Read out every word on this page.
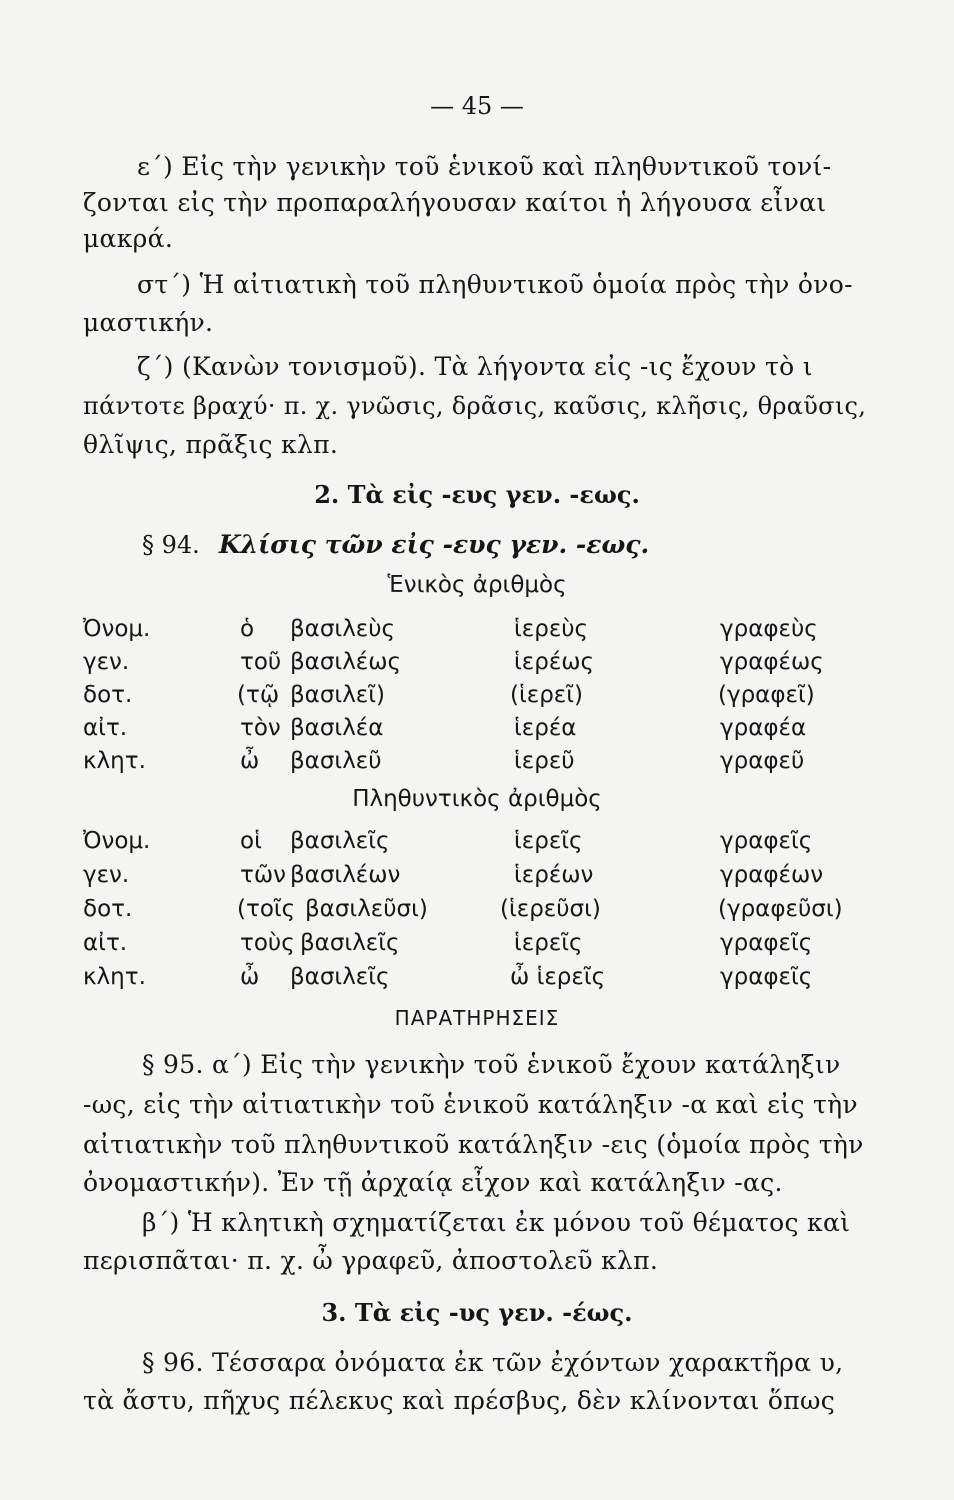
— 45 —
ε΄) Εἰς τὴν γενικὴν τοῦ ἑνικοῦ καὶ πληθυντικοῦ τονί-
ζονται εἰς τὴν προπαραλήγουσαν καίτοι ἡ λήγουσα εἶναι
μακρά.
στ΄) Ἡ αἰτιατικὴ τοῦ πληθυντικοῦ ὁμοία πρὸς τὴν ὀνο-
μαστικήν.
ζ΄) (Κανὼν τονισμοῦ). Τὰ λήγοντα εἰς -ις ἔχουν τὸ ι
πάντοτε βραχύ· π. χ. γνῶσις, δρᾶσις, καῦσις, κλῆσις, θραῦσις,
θλῖψις, πρᾶξις κλπ.
2. Τὰ εἰς -ευς γεν. -εως.
§ 94. Κλίσις τῶν εἰς -ευς γεν. -εως.
Ἑνικὸς ἀριθμὸς
Ὀνομ.	ὁ βασιλεὺς	ἱερεὺς	γραφεὺς
γεν.	τοῦ βασιλέως	ἱερέως	γραφέως
δοτ.	(τῷ βασιλεῖ)	(ἱερεῖ)	(γραφεῖ)
αἰτ.	τὸν βασιλέα	ἱερέα	γραφέα
κλητ.	ὦ βασιλεῦ	ἱερεῦ	γραφεῦ
Πληθυντικὸς ἀριθμὸς
Ὀνομ.	οἱ βασιλεῖς	ἱερεῖς	γραφεῖς
γεν.	τῶν βασιλέων	ἱερέων	γραφέων
δοτ.	(τοῖς βασιλεῦσι)	(ἱερεῦσι)	(γραφεῦσι)
αἰτ.	τοὺς βασιλεῖς	ἱερεῖς	γραφεῖς
κλητ.	ὦ βασιλεῖς	ὦ ἱερεῖς	γραφεῖς
ΠΑΡΑΤΗΡΗΣΕΙΣ
§ 95. α΄) Εἰς τὴν γενικὴν τοῦ ἑνικοῦ ἔχουν κατάληξιν
-ως, εἰς τὴν αἰτιατικὴν τοῦ ἑνικοῦ κατάληξιν -α καὶ εἰς τὴν
αἰτιατικὴν τοῦ πληθυντικοῦ κατάληξιν -εις (ὁμοία πρὸς τὴν
ὀνομαστικήν). Ἐν τῇ ἀρχαίᾳ εἶχον καὶ κατάληξιν -ας.
β΄) Ἡ κλητικὴ σχηματίζεται ἐκ μόνου τοῦ θέματος καὶ
περισπᾶται· π. χ. ὦ γραφεῦ, ἀποστολεῦ κλπ.
3. Τὰ εἰς -υς γεν. -έως.
§ 96. Τέσσαρα ὀνόματα ἐκ τῶν ἐχόντων χαρακτῆρα υ,
τὰ ἄστυ, πῆχυς πέλεκυς καὶ πρέσβυς, δὲν κλίνονται ὅπως
